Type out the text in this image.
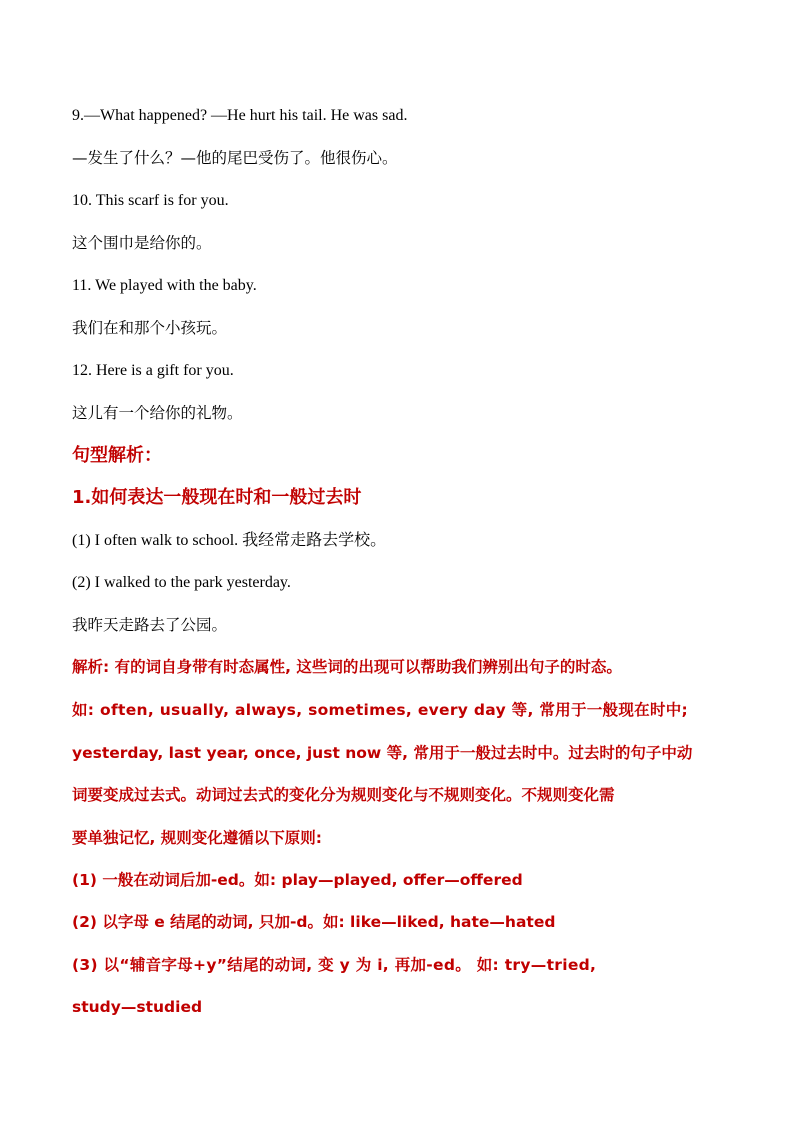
9.—What happened? —He hurt his tail. He was sad.
—发生了什么？—他的尾巴受伤了。他很伤心。
10. This scarf is for you.
这个围巾是给你的。
11. We played with the baby.
我们在和那个小孩玩。
12. Here is a gift for you.
这儿有一个给你的礼物。
句型解析：
1.如何表达一般现在时和一般过去时
(1) I often walk to school. 我经常走路去学校。
(2) I walked to the park yesterday.
我昨天走路去了公园。
解析: 有的词自身带有时态属性, 这些词的出现可以帮助我们辨别出句子的时态。
如: often, usually, always, sometimes, every day 等, 常用于一般现在时中;
yesterday, last year, once, just now 等, 常用于一般过去时中。过去时的句子中动
词要变成过去式。动词过去式的变化分为规则变化与不规则变化。不规则变化需
要单独记忆, 规则变化遵循以下原则:
(1) 一般在动词后加-ed。如: play—played, offer—offered
(2) 以字母 e 结尾的动词, 只加-d。如: like—liked, hate—hated
(3) 以“辅音字母+y”结尾的动词, 变 y 为 i, 再加-ed。 如: try—tried,
study—studied
